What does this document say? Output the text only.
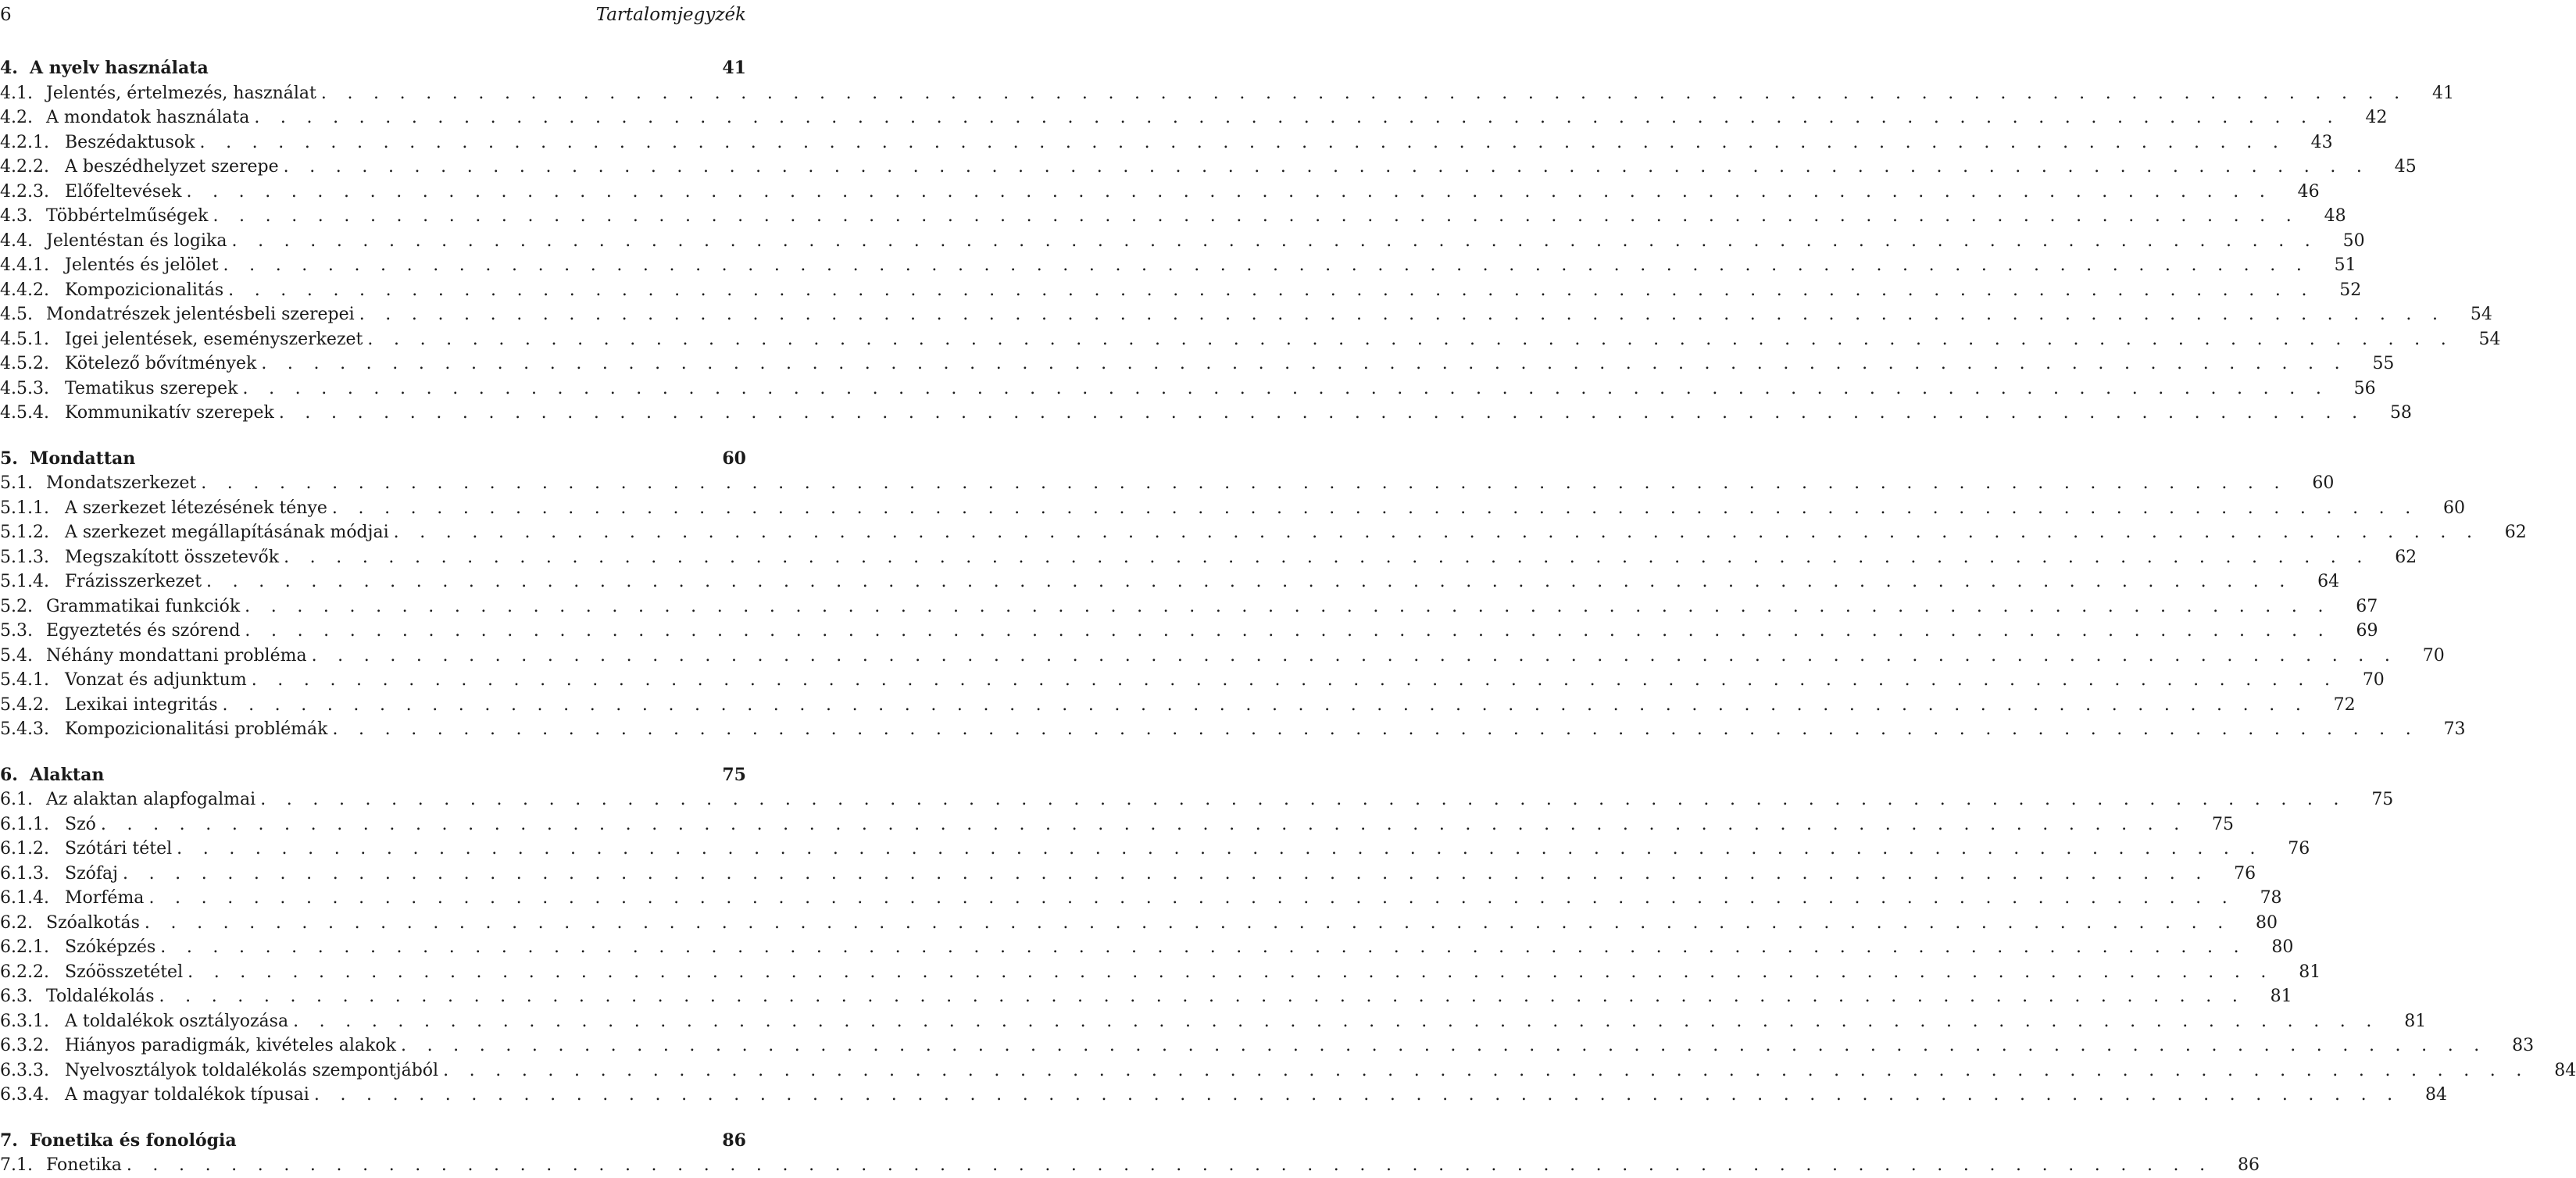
6	Tartalomjegyzék
4. A nyelv használata	41
4.1. Jelentés, értelmezés, használat . . . . . . . . . . . . . . . . . . . . . . . . . . . . . . . . . . . . . . . . . . . . . . . . . . . . . . . . . . . . . . . . . . . . . . . . . . . . . . . . 41
4.2. A mondatok használata . . . . . . . . . . . . . . . . . . . . . . . . . . . . . . . . . . . . . . . . . . . . . . . . . . . . . . . . . . . . . . . . . . . . . . . . . . . . . . . . 42
4.2.1. Beszédaktusok . . . . . . . . . . . . . . . . . . . . . . . . . . . . . . . . . . . . . . . . . . . . . . . . . . . . . . . . . . . . . . . . . . . . . . . . . . . . . . . . 43
4.2.2. A beszédhelyzet szerepe . . . . . . . . . . . . . . . . . . . . . . . . . . . . . . . . . . . . . . . . . . . . . . . . . . . . . . . . . . . . . . . . . . . . . . . . . . . . . . . . 45
4.2.3. Előfeltevések . . . . . . . . . . . . . . . . . . . . . . . . . . . . . . . . . . . . . . . . . . . . . . . . . . . . . . . . . . . . . . . . . . . . . . . . . . . . . . . . 46
4.3. Többértelműségek . . . . . . . . . . . . . . . . . . . . . . . . . . . . . . . . . . . . . . . . . . . . . . . . . . . . . . . . . . . . . . . . . . . . . . . . . . . . . . . . 48
4.4. Jelentéstan és logika . . . . . . . . . . . . . . . . . . . . . . . . . . . . . . . . . . . . . . . . . . . . . . . . . . . . . . . . . . . . . . . . . . . . . . . . . . . . . . . . 50
4.4.1. Jelentés és jelölet . . . . . . . . . . . . . . . . . . . . . . . . . . . . . . . . . . . . . . . . . . . . . . . . . . . . . . . . . . . . . . . . . . . . . . . . . . . . . . . . 51
4.4.2. Kompozicionalitás . . . . . . . . . . . . . . . . . . . . . . . . . . . . . . . . . . . . . . . . . . . . . . . . . . . . . . . . . . . . . . . . . . . . . . . . . . . . . . . . 52
4.5. Mondatrészek jelentésbeli szerepei . . . . . . . . . . . . . . . . . . . . . . . . . . . . . . . . . . . . . . . . . . . . . . . . . . . . . . . . . . . . . . . . . . . . . . . . . . . . . . . . 54
4.5.1. Igei jelentések, eseményszerkezet . . . . . . . . . . . . . . . . . . . . . . . . . . . . . . . . . . . . . . . . . . . . . . . . . . . . . . . . . . . . . . . . . . . . . . . . . . . . . . . . 54
4.5.2. Kötelező bővítmények . . . . . . . . . . . . . . . . . . . . . . . . . . . . . . . . . . . . . . . . . . . . . . . . . . . . . . . . . . . . . . . . . . . . . . . . . . . . . . . . 55
4.5.3. Tematikus szerepek . . . . . . . . . . . . . . . . . . . . . . . . . . . . . . . . . . . . . . . . . . . . . . . . . . . . . . . . . . . . . . . . . . . . . . . . . . . . . . . . 56
4.5.4. Kommunikatív szerepek . . . . . . . . . . . . . . . . . . . . . . . . . . . . . . . . . . . . . . . . . . . . . . . . . . . . . . . . . . . . . . . . . . . . . . . . . . . . . . . . 58
5. Mondattan	60
5.1. Mondatszerkezet . . . . . . . . . . . . . . . . . . . . . . . . . . . . . . . . . . . . . . . . . . . . . . . . . . . . . . . . . . . . . . . . . . . . . . . . . . . . . . . . 60
5.1.1. A szerkezet létezésének ténye . . . . . . . . . . . . . . . . . . . . . . . . . . . . . . . . . . . . . . . . . . . . . . . . . . . . . . . . . . . . . . . . . . . . . . . . . . . . . . . . 60
5.1.2. A szerkezet megállapításának módjai . . . . . . . . . . . . . . . . . . . . . . . . . . . . . . . . . . . . . . . . . . . . . . . . . . . . . . . . . . . . . . . . . . . . . . . . . . . . . . . . 62
5.1.3. Megszakított összetevők . . . . . . . . . . . . . . . . . . . . . . . . . . . . . . . . . . . . . . . . . . . . . . . . . . . . . . . . . . . . . . . . . . . . . . . . . . . . . . . . 62
5.1.4. Frázisszerkezet . . . . . . . . . . . . . . . . . . . . . . . . . . . . . . . . . . . . . . . . . . . . . . . . . . . . . . . . . . . . . . . . . . . . . . . . . . . . . . . . 64
5.2. Grammatikai funkciók . . . . . . . . . . . . . . . . . . . . . . . . . . . . . . . . . . . . . . . . . . . . . . . . . . . . . . . . . . . . . . . . . . . . . . . . . . . . . . . . 67
5.3. Egyeztetés és szórend . . . . . . . . . . . . . . . . . . . . . . . . . . . . . . . . . . . . . . . . . . . . . . . . . . . . . . . . . . . . . . . . . . . . . . . . . . . . . . . . 69
5.4. Néhány mondattani probléma . . . . . . . . . . . . . . . . . . . . . . . . . . . . . . . . . . . . . . . . . . . . . . . . . . . . . . . . . . . . . . . . . . . . . . . . . . . . . . . . 70
5.4.1. Vonzat és adjunktum . . . . . . . . . . . . . . . . . . . . . . . . . . . . . . . . . . . . . . . . . . . . . . . . . . . . . . . . . . . . . . . . . . . . . . . . . . . . . . . . 70
5.4.2. Lexikai integritás . . . . . . . . . . . . . . . . . . . . . . . . . . . . . . . . . . . . . . . . . . . . . . . . . . . . . . . . . . . . . . . . . . . . . . . . . . . . . . . . 72
5.4.3. Kompozicionalitási problémák . . . . . . . . . . . . . . . . . . . . . . . . . . . . . . . . . . . . . . . . . . . . . . . . . . . . . . . . . . . . . . . . . . . . . . . . . . . . . . . . 73
6. Alaktan	75
6.1. Az alaktan alapfogalmai . . . . . . . . . . . . . . . . . . . . . . . . . . . . . . . . . . . . . . . . . . . . . . . . . . . . . . . . . . . . . . . . . . . . . . . . . . . . . . . . 75
6.1.1. Szó . . . . . . . . . . . . . . . . . . . . . . . . . . . . . . . . . . . . . . . . . . . . . . . . . . . . . . . . . . . . . . . . . . . . . . . . . . . . . . . . 75
6.1.2. Szótári tétel . . . . . . . . . . . . . . . . . . . . . . . . . . . . . . . . . . . . . . . . . . . . . . . . . . . . . . . . . . . . . . . . . . . . . . . . . . . . . . . . 76
6.1.3. Szófaj . . . . . . . . . . . . . . . . . . . . . . . . . . . . . . . . . . . . . . . . . . . . . . . . . . . . . . . . . . . . . . . . . . . . . . . . . . . . . . . . 76
6.1.4. Morféma . . . . . . . . . . . . . . . . . . . . . . . . . . . . . . . . . . . . . . . . . . . . . . . . . . . . . . . . . . . . . . . . . . . . . . . . . . . . . . . . 78
6.2. Szóalkotás . . . . . . . . . . . . . . . . . . . . . . . . . . . . . . . . . . . . . . . . . . . . . . . . . . . . . . . . . . . . . . . . . . . . . . . . . . . . . . . . 80
6.2.1. Szóképzés . . . . . . . . . . . . . . . . . . . . . . . . . . . . . . . . . . . . . . . . . . . . . . . . . . . . . . . . . . . . . . . . . . . . . . . . . . . . . . . . 80
6.2.2. Szóösszetétel . . . . . . . . . . . . . . . . . . . . . . . . . . . . . . . . . . . . . . . . . . . . . . . . . . . . . . . . . . . . . . . . . . . . . . . . . . . . . . . . 81
6.3. Toldalékolás . . . . . . . . . . . . . . . . . . . . . . . . . . . . . . . . . . . . . . . . . . . . . . . . . . . . . . . . . . . . . . . . . . . . . . . . . . . . . . . . 81
6.3.1. A toldalékok osztályozása . . . . . . . . . . . . . . . . . . . . . . . . . . . . . . . . . . . . . . . . . . . . . . . . . . . . . . . . . . . . . . . . . . . . . . . . . . . . . . . . 81
6.3.2. Hiányos paradigmák, kivételes alakok . . . . . . . . . . . . . . . . . . . . . . . . . . . . . . . . . . . . . . . . . . . . . . . . . . . . . . . . . . . . . . . . . . . . . . . . . . . . . . . . 83
6.3.3. Nyelvosztályok toldalékolás szempontjából . . . . . . . . . . . . . . . . . . . . . . . . . . . . . . . . . . . . . . . . . . . . . . . . . . . . . . . . . . . . . . . . . . . . . . . . . . . . . . . . 84
6.3.4. A magyar toldalékok típusai . . . . . . . . . . . . . . . . . . . . . . . . . . . . . . . . . . . . . . . . . . . . . . . . . . . . . . . . . . . . . . . . . . . . . . . . . . . . . . . . 84
7. Fonetika és fonológia	86
7.1. Fonetika . . . . . . . . . . . . . . . . . . . . . . . . . . . . . . . . . . . . . . . . . . . . . . . . . . . . . . . . . . . . . . . . . . . . . . . . . . . . . . . . 86
